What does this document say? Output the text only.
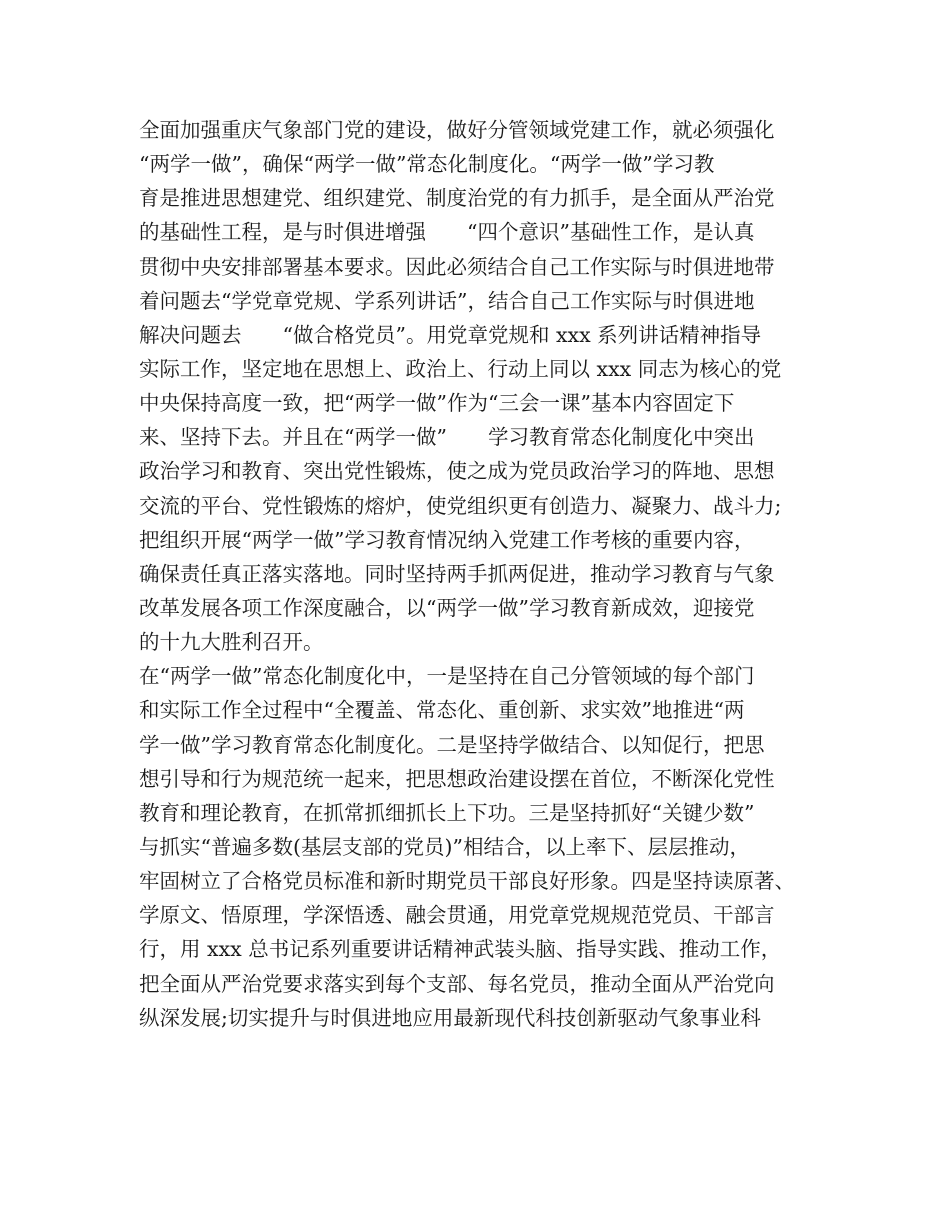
全面加强重庆气象部门党的建设，做好分管领域党建工作，就必须强化
“两学一做”，确保“两学一做”常态化制度化。“两学一做”学习教
育是推进思想建党、组织建党、制度治党的有力抓手，是全面从严治党
的基础性工程，是与时俱进增强　　“四个意识”基础性工作，是认真
贯彻中央安排部署基本要求。因此必须结合自己工作实际与时俱进地带
着问题去“学党章党规、学系列讲话”，结合自己工作实际与时俱进地
解决问题去　　“做合格党员”。用党章党规和 xxx 系列讲话精神指导
实际工作，坚定地在思想上、政治上、行动上同以 xxx 同志为核心的党
中央保持高度一致，把“两学一做”作为“三会一课”基本内容固定下
来、坚持下去。并且在“两学一做”　　学习教育常态化制度化中突出
政治学习和教育、突出党性锻炼，使之成为党员政治学习的阵地、思想
交流的平台、党性锻炼的熔炉，使党组织更有创造力、凝聚力、战斗力;
把组织开展“两学一做”学习教育情况纳入党建工作考核的重要内容，
确保责任真正落实落地。同时坚持两手抓两促进，推动学习教育与气象
改革发展各项工作深度融合，以“两学一做”学习教育新成效，迎接党
的十九大胜利召开。
在“两学一做”常态化制度化中，一是坚持在自己分管领域的每个部门
和实际工作全过程中“全覆盖、常态化、重创新、求实效”地推进“两
学一做”学习教育常态化制度化。二是坚持学做结合、以知促行，把思
想引导和行为规范统一起来，把思想政治建设摆在首位，不断深化党性
教育和理论教育，在抓常抓细抓长上下功。三是坚持抓好“关键少数”
与抓实“普遍多数(基层支部的党员)”相结合，以上率下、层层推动，
牢固树立了合格党员标准和新时期党员干部良好形象。四是坚持读原著、
学原文、悟原理，学深悟透、融会贯通，用党章党规规范党员、干部言
行，用 xxx 总书记系列重要讲话精神武装头脑、指导实践、推动工作，
把全面从严治党要求落实到每个支部、每名党员，推动全面从严治党向
纵深发展;切实提升与时俱进地应用最新现代科技创新驱动气象事业科
